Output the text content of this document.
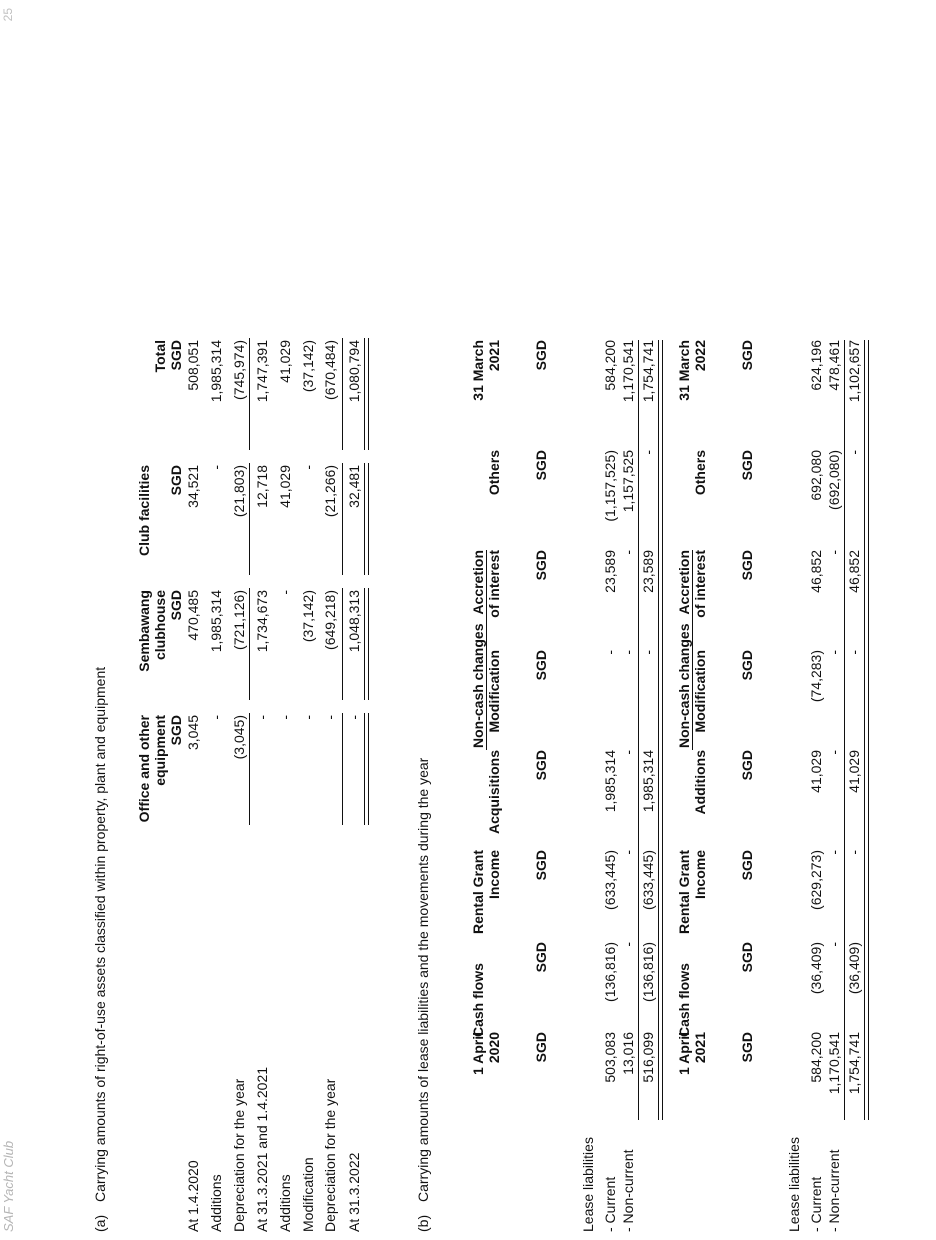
SAF Yacht Club
25
(a)
Carrying amounts of right-of-use assets classified within property, plant and equipment Office and other equipment SGD
Sembawang clubhouse SGD
Club facilities SGD
Total SGD
At 1.4.2020
3,045
470,485
34,521
508,051
Additions
-
1,985,314
-
1,985,314
Depreciation for the year
(3,045)
(721,126)
(21,803)
(745,974)
At 31.3.2021 and 1.4.2021
-
1,734,673
12,718
1,747,391
Additions
-
-
41,029
41,029
Modification
-
(37,142)
-
(37,142)
Depreciation for the year
-
(649,218)
(21,266)
(670,484)
At 31.3.2022
-
1,048,313
32,481
1,080,794
(b)
Carrying amounts of lease liabilities and the movements during the year
Non-cash changes
1 April 2020 SGD
Cash flows
SGD
Rental Grant Income SGD
Acquisitions SGD
Modification SGD
Accretion of interest SGD
Others SGD
31 March 2021 SGD
Lease liabilities - Current
503,083
(136,816)
(633,445)
1,985,314
-
23,589
(1,157,525)
584,200
- Non-current
13,016
-
-
-
-
-
1,157,525
1,170,541
516,099
(136,816)
(633,445)
1,985,314
-
23,589
-
1,754,741
Non-cash changes
1 April 2021 SGD
Cash flows
SGD
Rental Grant Income SGD
Additions SGD
Modification SGD
Accretion of interest SGD
Others SGD
31 March 2022 SGD
Lease liabilities - Current
584,200
(36,409)
(629,273)
41,029
(74,283)
46,852
692,080
624,196
- Non-current
1,170,541
-
-
-
-
-
(692,080)
478,461
1,754,741
(36,409)
-
41,029
-
46,852
-
1,102,657
